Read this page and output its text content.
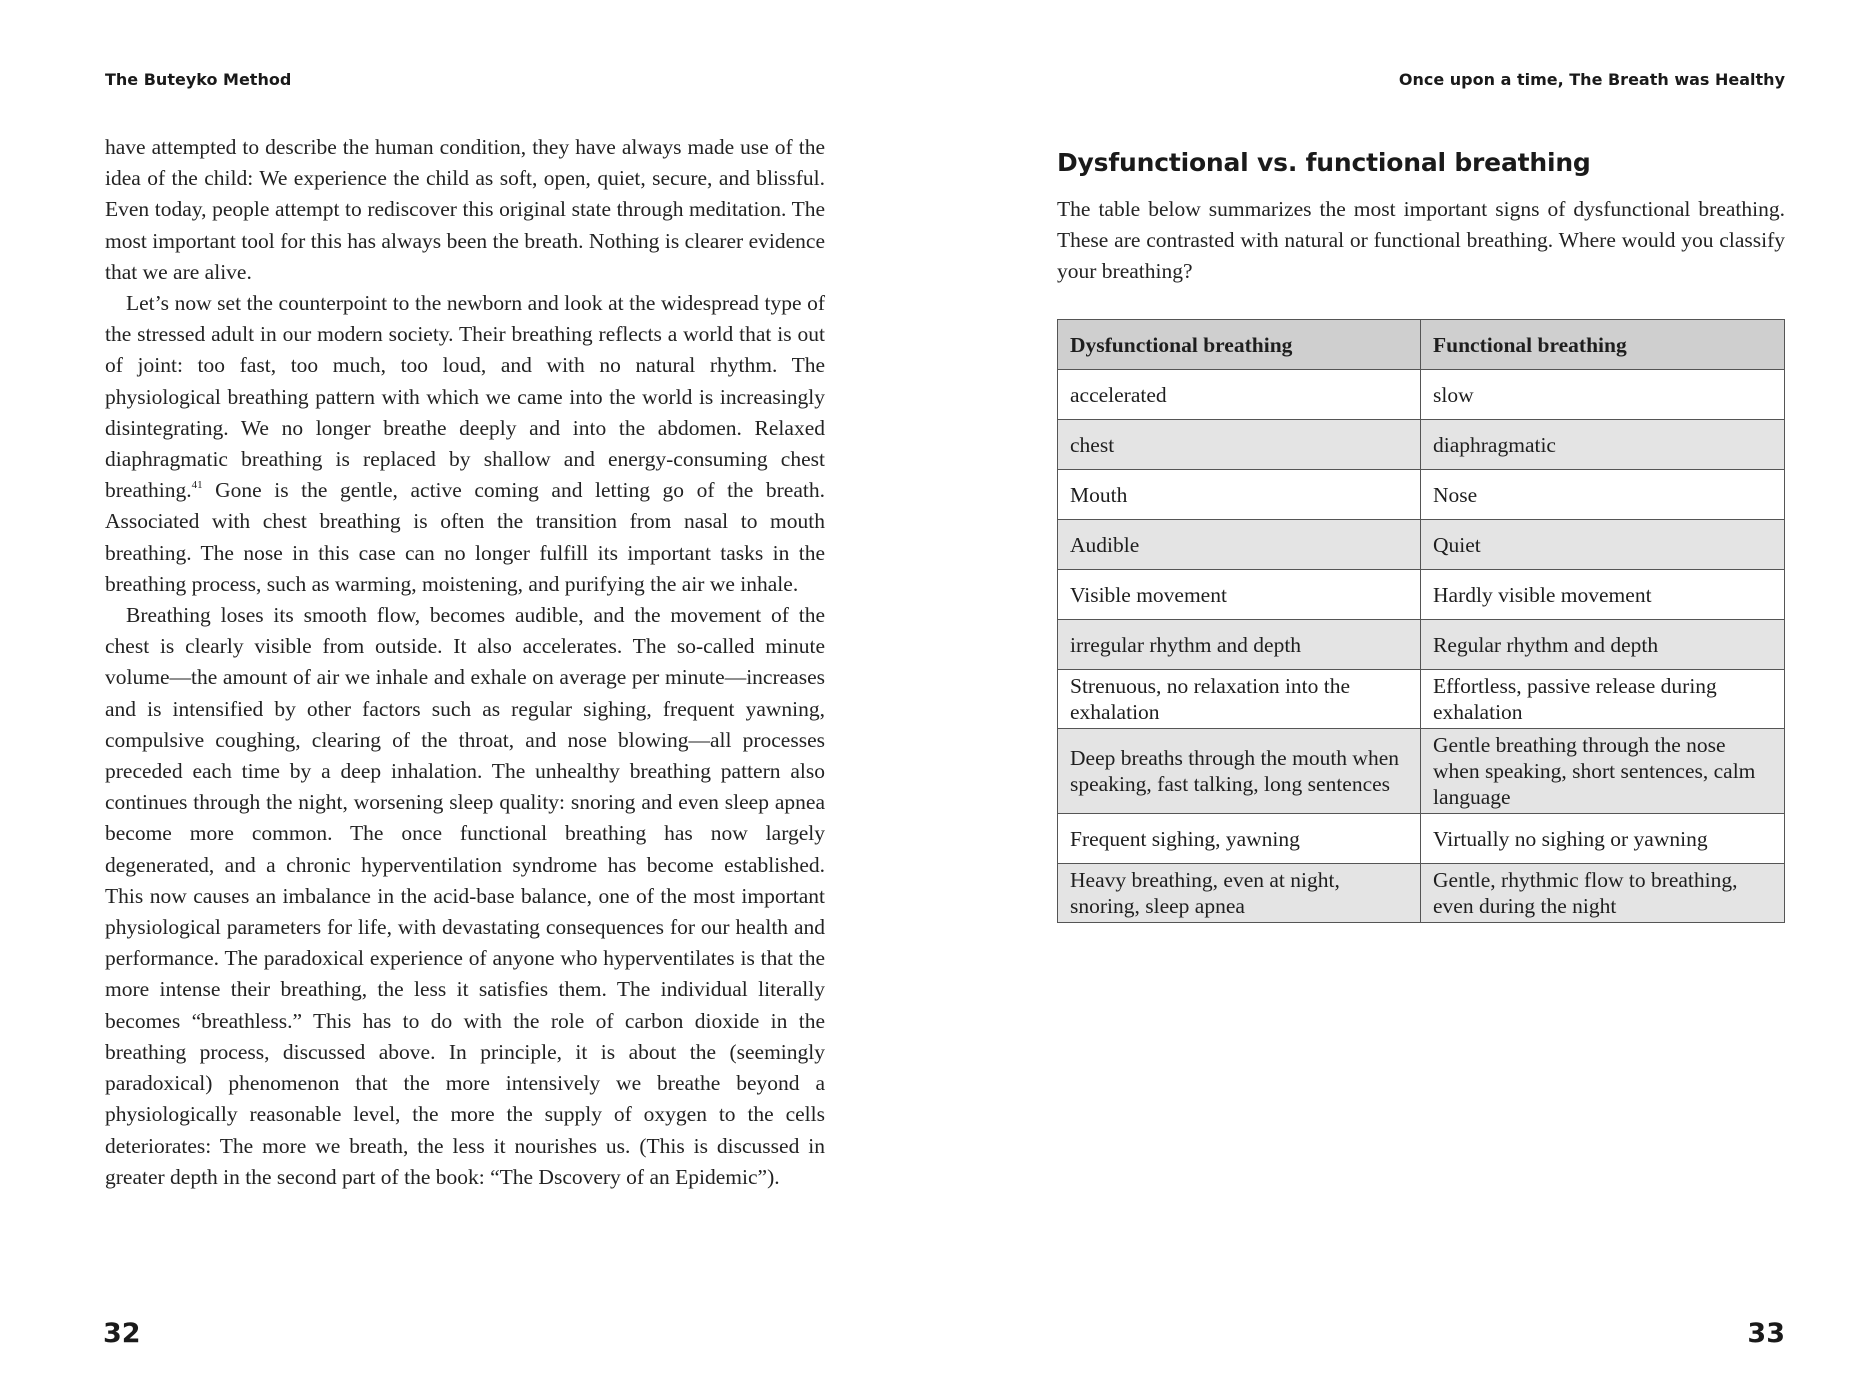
The Buteyko Method

have attempted to describe the human condition, they have always made use of the idea of the child: We experience the child as soft, open, quiet, secure, and blissful. Even today, people attempt to rediscover this original state through meditation. The most important tool for this has always been the breath. Nothing is clearer evidence that we are alive.

Let’s now set the counterpoint to the newborn and look at the widespread type of the stressed adult in our modern society. Their breathing reflects a world that is out of joint: too fast, too much, too loud, and with no natural rhythm. The physiological breathing pattern with which we came into the world is increasingly disintegrating. We no longer breathe deeply and into the abdomen. Relaxed diaphragmatic breathing is replaced by shallow and energy-consuming chest breathing.$^{41}$ Gone is the gentle, active coming and letting go of the breath. Associated with chest breathing is often the transition from nasal to mouth breathing. The nose in this case can no longer fulfill its important tasks in the breathing process, such as warming, moistening, and purifying the air we inhale.

Breathing loses its smooth flow, becomes audible, and the movement of the chest is clearly visible from outside. It also accelerates. The so-called minute volume—the amount of air we inhale and exhale on average per minute—increases and is intensified by other factors such as regular sighing, frequent yawning, compulsive coughing, clearing of the throat, and nose blowing—all processes preceded each time by a deep inhalation. The unhealthy breathing pattern also continues through the night, worsening sleep quality: snoring and even sleep apnea become more common. The once functional breathing has now largely degenerated, and a chronic hyperventilation syndrome has become established. This now causes an imbalance in the acid-base balance, one of the most important physiological parameters for life, with devastating consequences for our health and performance. The paradoxical experience of anyone who hyperventilates is that the more intense their breathing, the less it satisfies them. The individual literally becomes “breathless.” This has to do with the role of carbon dioxide in the breathing process, discussed above. In principle, it is about the (seemingly paradoxical) phenomenon that the more intensively we breathe beyond a physiologically reasonable level, the more the supply of oxygen to the cells deteriorates: The more we breath, the less it nourishes us. (This is discussed in greater depth in the second part of the book: “The Dscovery of an Epidemic”).

32
Once upon a time, The Breath was Healthy
Dysfunctional vs. functional breathing

The table below summarizes the most important signs of dysfunctional breathing. These are contrasted with natural or functional breathing. Where would you classify your breathing?

Dysfunctional breathing	Functional breathing
accelerated	slow
chest	diaphragmatic
Mouth	Nose
Audible	Quiet
Visible movement	Hardly visible movement
irregular rhythm and depth	Regular rhythm and depth
Strenuous, no relaxation into the exhalation	Effortless, passive release during exhalation
Deep breaths through the mouth when speaking, fast talking, long sentences	Gentle breathing through the nose when speaking, short sentences, calm language
Frequent sighing, yawning	Virtually no sighing or yawning
Heavy breathing, even at night, snoring, sleep apnea	Gentle, rhythmic flow to breathing, even during the night
33
